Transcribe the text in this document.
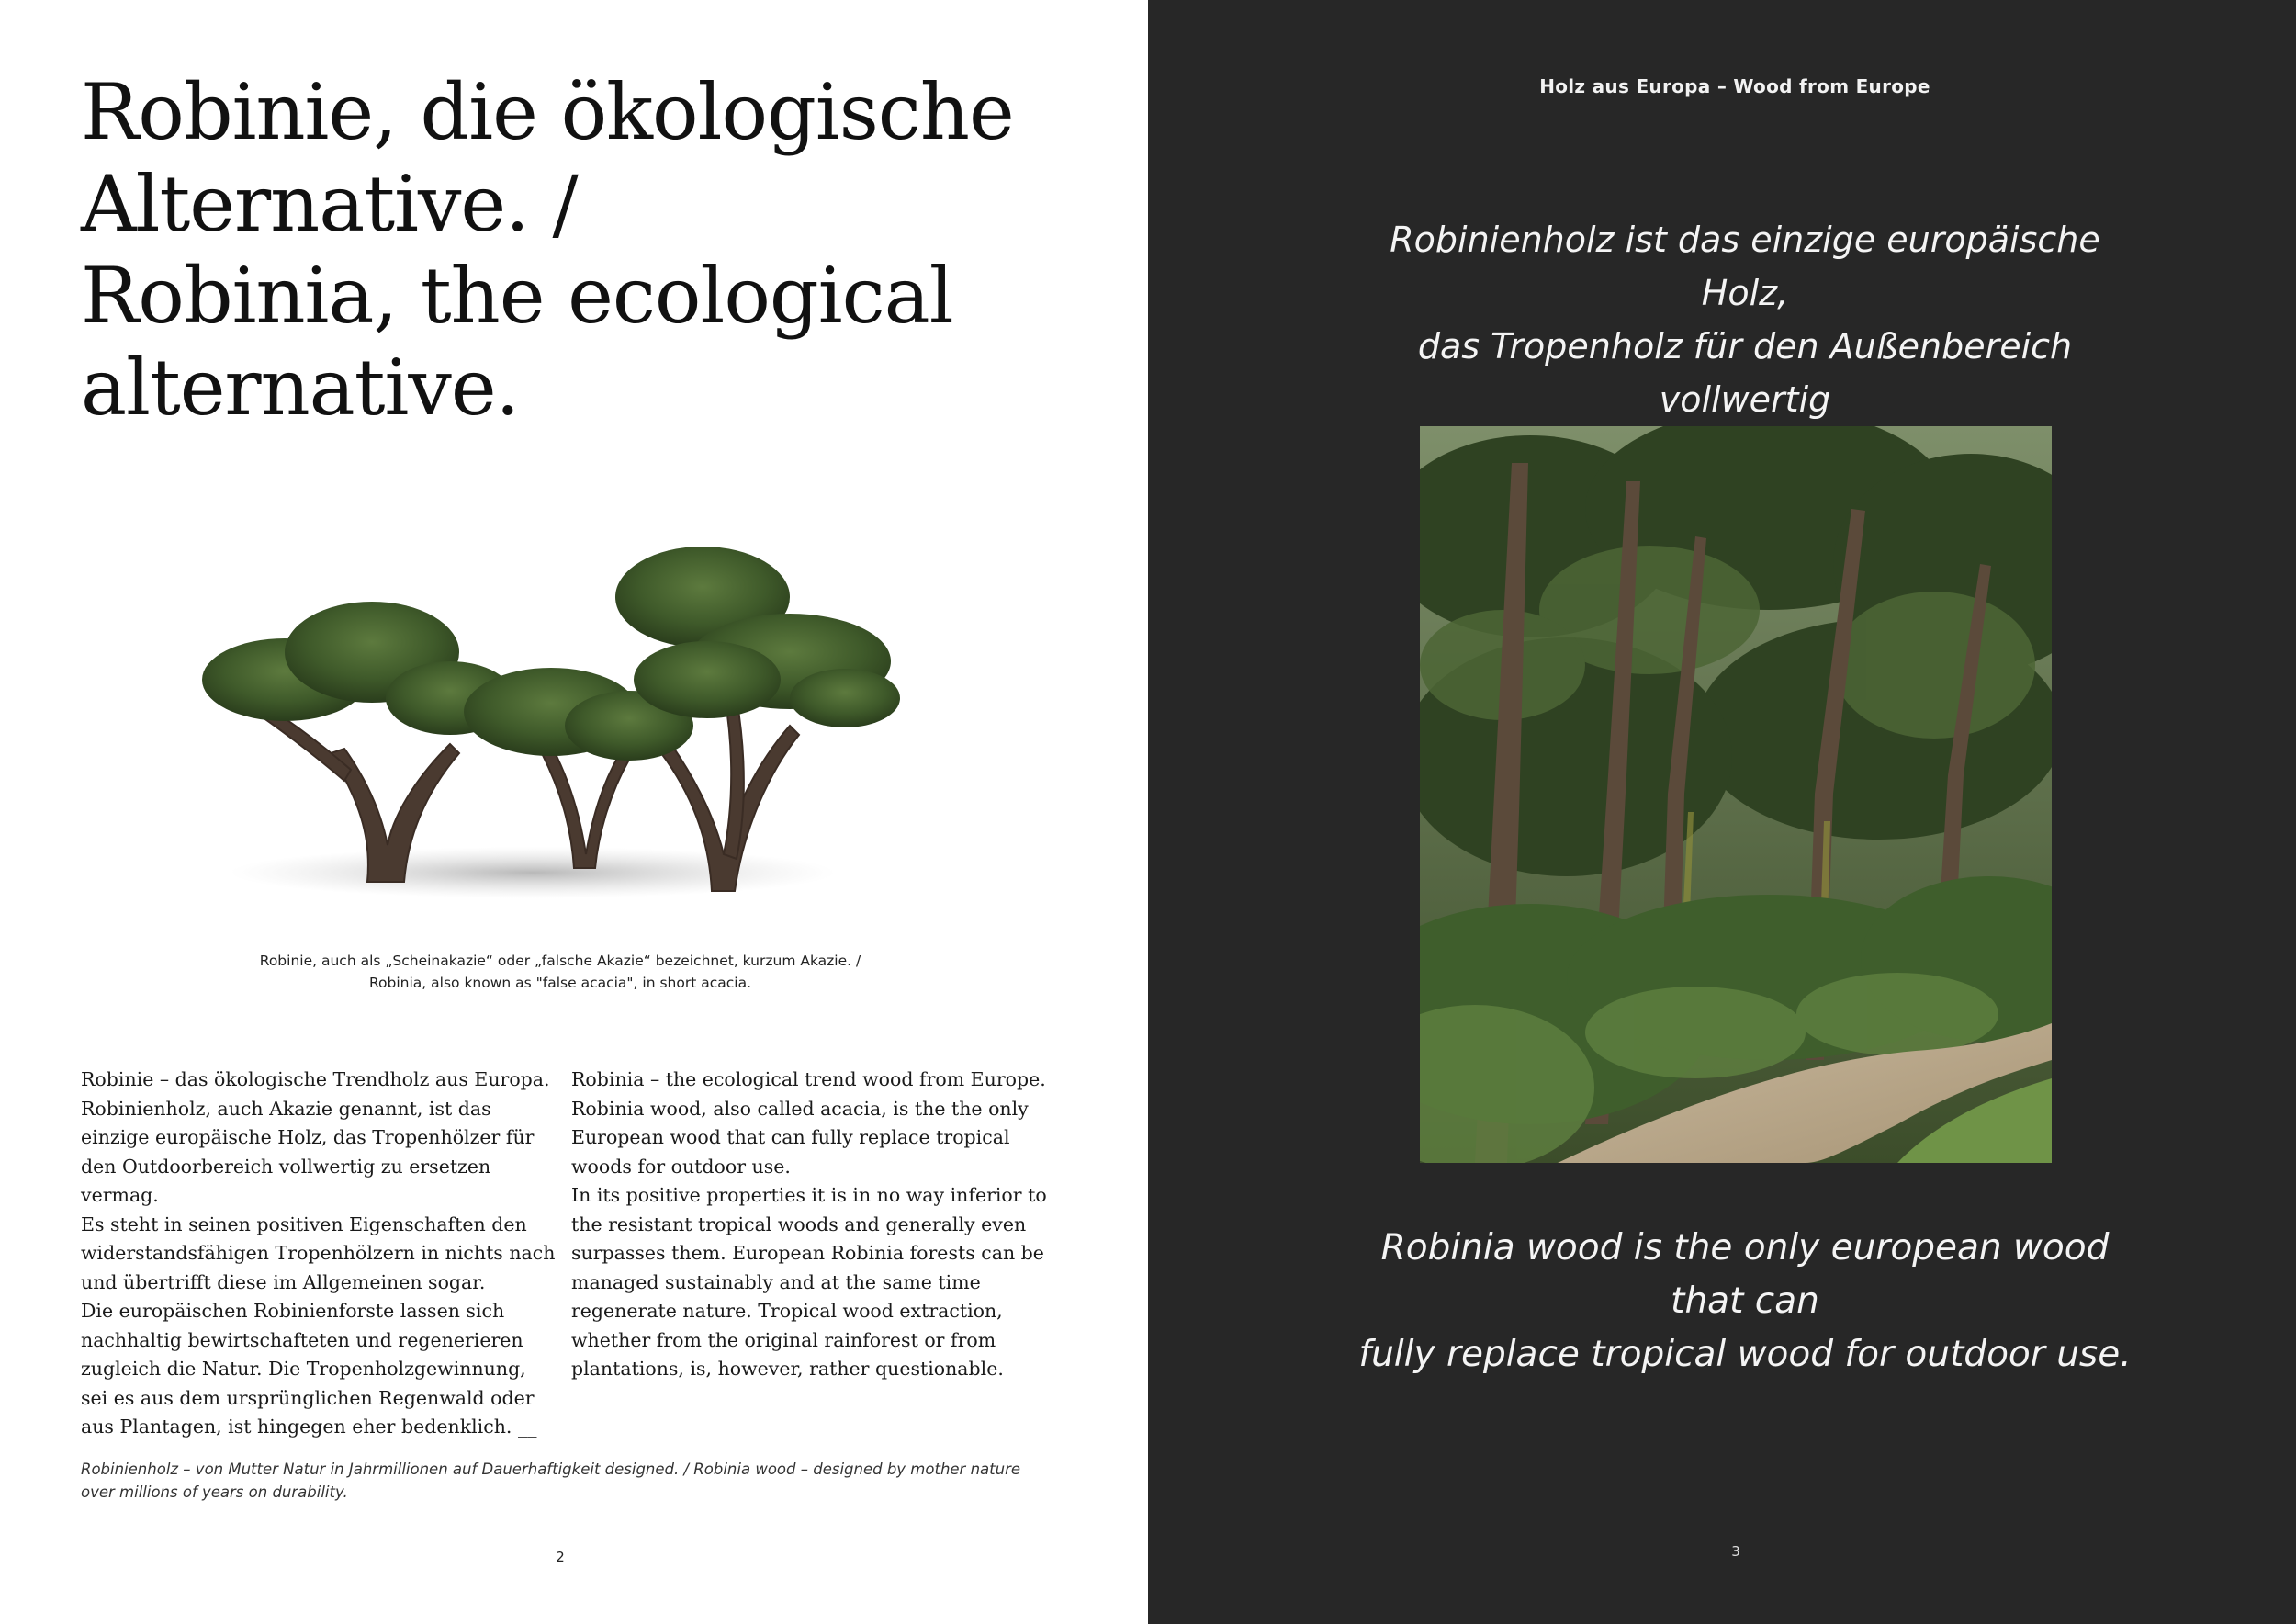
Robinie, die ökologische
Alternative. /
Robinia, the ecological
alternative.
Robinie, auch als „Scheinakazie“ oder „falsche Akazie“ bezeichnet, kurzum Akazie. /
Robinia, also known as "false acacia", in short acacia.
Robinie – das ökologische Trendholz aus Europa.
Robinienholz, auch Akazie genannt, ist das einzige europäische Holz, das Tropenhölzer für den Outdoorbereich vollwertig zu ersetzen vermag.
Es steht in seinen positiven Eigenschaften den widerstandsfähigen Tropenhölzern in nichts nach und übertrifft diese im Allgemeinen sogar.
Die europäischen Robinienforste lassen sich nachhaltig bewirtschafteten und regenerieren zugleich die Natur. Die Tropenholzgewinnung, sei es aus dem ursprünglichen Regenwald oder aus Plantagen, ist hingegen eher bedenklich. __
Robinia – the ecological trend wood from Europe.
Robinia wood, also called acacia, is the the only European wood that can fully replace tropical woods for outdoor use.
In its positive properties it is in no way inferior to the resistant tropical woods and generally even surpasses them. European Robinia forests can be managed sustainably and at the same time regenerate nature. Tropical wood extraction, whether from the original rainforest or from plantations, is, however, rather questionable.
Robinienholz – von Mutter Natur in Jahrmillionen auf Dauerhaftigkeit designed. / Robinia wood – designed by mother nature over millions of years on durability.
2
Holz aus Europa – Wood from Europe
Robinienholz ist das einzige europäische Holz,
das Tropenholz für den Außenbereich vollwertig
Robinia wood is the only european wood that can
fully replace tropical wood for outdoor use.
3
